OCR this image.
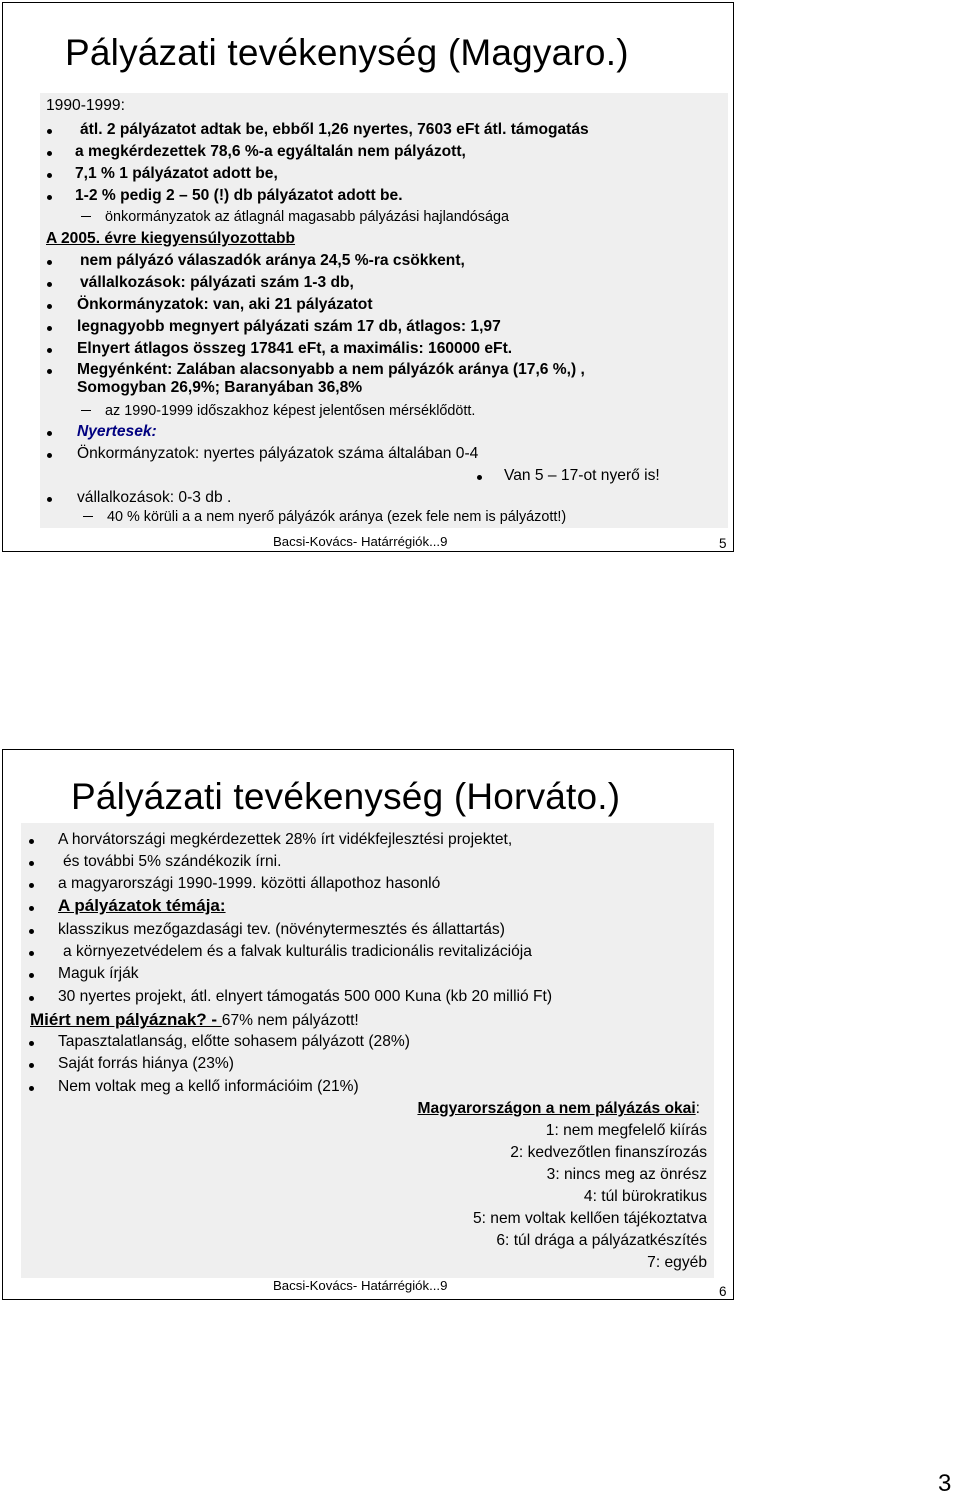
Pályázati tevékenység (Magyaro.)
1990-1999:
átl. 2 pályázatot adtak be, ebből 1,26 nyertes, 7603 eFt átl. támogatás
a megkérdezettek 78,6 %-a egyáltalán nem pályázott,
7,1 % 1 pályázatot adott be,
1-2 % pedig 2 – 50 (!) db pályázatot adott be.
önkormányzatok az átlagnál magasabb pályázási hajlandósága
A 2005. évre kiegyensúlyozottabb
nem pályázó válaszadók aránya 24,5 %-ra csökkent,
vállalkozások: pályázati szám 1-3 db,
Önkormányzatok: van, aki 21 pályázatot
legnagyobb megnyert pályázati szám 17 db, átlagos: 1,97
Elnyert átlagos összeg 17841 eFt, a maximális: 160000 eFt.
Megyénként: Zalában alacsonyabb a nem pályázók aránya (17,6 %,) ,
Somogyban 26,9%; Baranyában 36,8%
az 1990-1999 időszakhoz képest jelentősen mérséklődött.
Nyertesek:
Önkormányzatok: nyertes pályázatok száma általában 0-4
Van 5 – 17-ot nyerő is!
vállalkozások: 0-3 db .
40 % körüli a a nem nyerő pályázók aránya (ezek fele nem is pályázott!)
Bacsi-Kovács- Határrégiók...9	5
Pályázati tevékenység (Horváto.)
A horvátországi megkérdezettek 28% írt vidékfejlesztési projektet,
és további 5% szándékozik írni.
a magyarországi 1990-1999. közötti állapothoz hasonló
A pályázatok témája:
klasszikus mezőgazdasági tev. (növénytermesztés és állattartás)
a környezetvédelem és a falvak kulturális tradicionális revitalizációja
Maguk írják
30 nyertes projekt, átl. elnyert támogatás 500 000 Kuna (kb 20 millió Ft)
Miért nem pályáznak? - 67% nem pályázott!
Tapasztalatlanság, előtte sohasem pályázott (28%)
Saját forrás hiánya (23%)
Nem voltak meg a kellő információim (21%)
Magyarországon a nem pályázás okai:
1: nem megfelelő kiírás
2: kedvezőtlen finanszírozás
3: nincs meg az önrész
4: túl bürokratikus
5: nem voltak kellően tájékoztatva
6: túl drága a pályázatkészítés
7: egyéb
Bacsi-Kovács- Határrégiók...9	6
3
